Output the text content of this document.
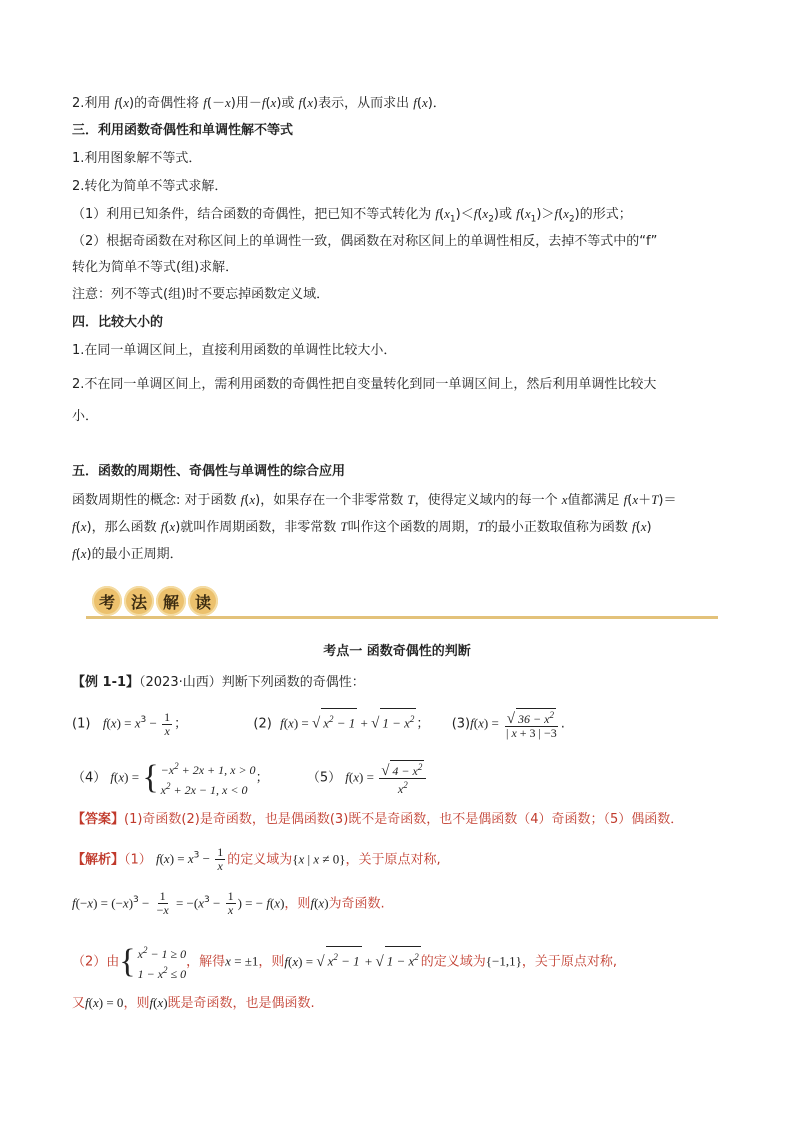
2.利用 f(x)的奇偶性将 f(－x)用－f(x)或 f(x)表示，从而求出 f(x)．
三．利用函数奇偶性和单调性解不等式
1.利用图象解不等式．
2.转化为简单不等式求解．
（1）利用已知条件，结合函数的奇偶性，把已知不等式转化为 $f(x_1)<f(x_2)$或 $f(x_1)>f(x_2)$的形式；
（2）根据奇函数在对称区间上的单调性一致，偶函数在对称区间上的单调性相反，去掉不等式中的“f”
转化为简单不等式(组)求解．
注意：列不等式(组)时不要忘掉函数定义域．
四．比较大小的
1.在同一单调区间上，直接利用函数的单调性比较大小．
2.不在同一单调区间上，需利用函数的奇偶性把自变量转化到同一单调区间上，然后利用单调性比较大
小．
五．函数的周期性、奇偶性与单调性的综合应用
函数周期性的概念: 对于函数 f(x)，如果存在一个非零常数 T，使得定义域内的每一个 x值都满足 f(x＋T)＝
f(x)，那么函数 f(x)就叫作周期函数，非零常数 T叫作这个函数的周期，T的最小正数取值称为函数 f(x)
f(x)的最小正周期．
考 法 解 读
考点一 函数奇偶性的判断
【例 1-1】（2023·山西）判断下列函数的奇偶性：
(1) $f(x) = x^3 - \frac{1}{x}$ ；	(2) f(x) = √ $x^2 - 1$ + √ $1 - x^2$ ；  $(3)f(x) = \frac{√ 36 - x^2}{| x + 3 | -3}$ .
（4） f(x) = { $-x^2 + 2x + 1$, x > 0
$x^2 + 2x - 1$, x < 0
；	（5） $f(x) = \frac{√ 4 - x^2}{x^2}$
【答案】(1)奇函数(2)是奇函数，也是偶函数(3)既不是奇函数，也不是偶函数（4）奇函数；（5）偶函数．
【解析】（1） $f(x) = x^3 - \frac{1}{x}$ 的定义域为{x | x ≠ 0}，关于原点对称,
$f(-x) = (-x)^3 - \frac{1}{-x} = -(x^3 - \frac{1}{x}$ ) = − f(x)，则f(x)为奇函数.
（2）由 { $x^2 - 1 \ge 0$
$1 - x^2 \le 0$
，解得x = ±1，则f(x) = √ $x^2 - 1$ + √ $1 - x^2$ 的定义域为{−1,1}，关于原点对称,
又f(x) = 0，则f(x)既是奇函数，也是偶函数.
